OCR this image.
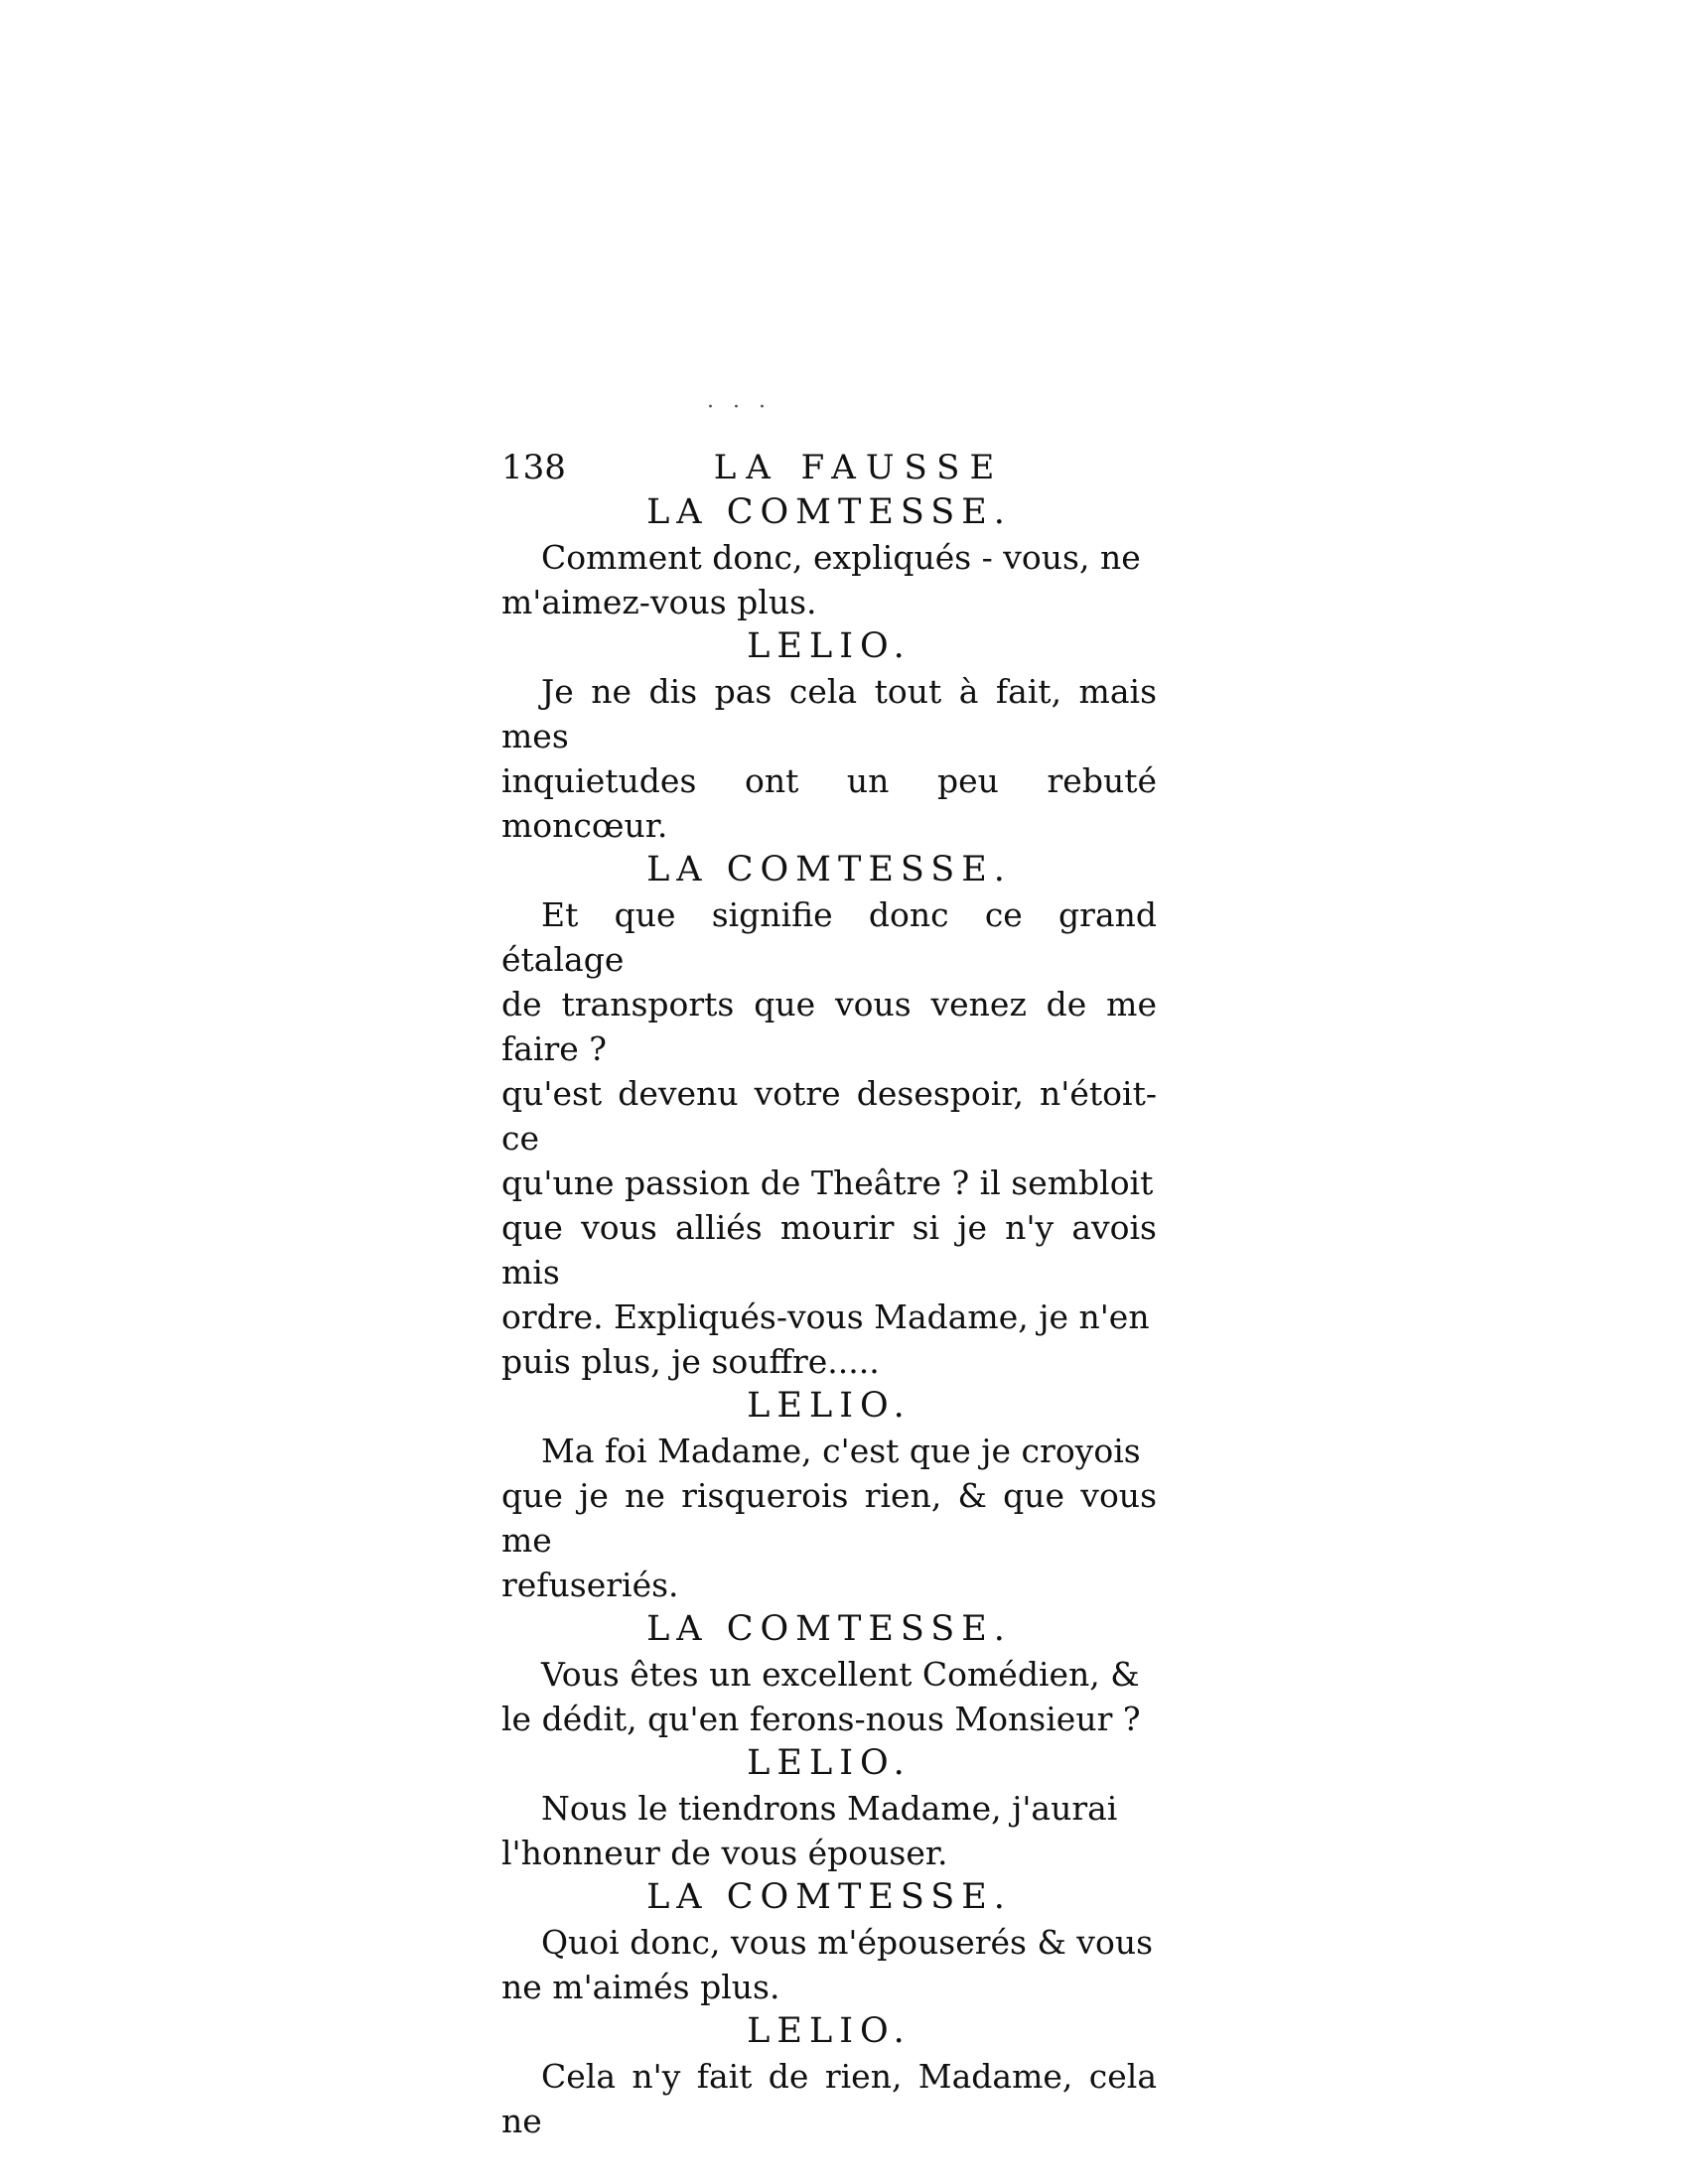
· · ·
138	LA FAUSSE
LA COMTESSE.

Comment donc, expliqués - vous, ne

m'aimez-vous plus.

LELIO.

Je ne dis pas cela tout à fait, mais mes

inquietudes ont un peu rebuté moncœur.

LA COMTESSE.

Et que signifie donc ce grand étalage

de transports que vous venez de me faire ?

qu'est devenu votre desespoir, n'étoit-ce

qu'une passion de Theâtre ? il sembloit

que vous alliés mourir si je n'y avois mis

ordre. Expliqués-vous Madame, je n'en

puis plus, je souffre.....

LELIO.

Ma foi Madame, c'est que je croyois

que je ne risquerois rien, & que vous me

refuseriés.

LA COMTESSE.

Vous êtes un excellent Comédien, &

le dédit, qu'en ferons-nous Monsieur ?

LELIO.

Nous le tiendrons Madame, j'aurai

l'honneur de vous épouser.

LA COMTESSE.

Quoi donc, vous m'épouserés & vous

ne m'aimés plus.

LELIO.

Cela n'y fait de rien, Madame, cela ne
